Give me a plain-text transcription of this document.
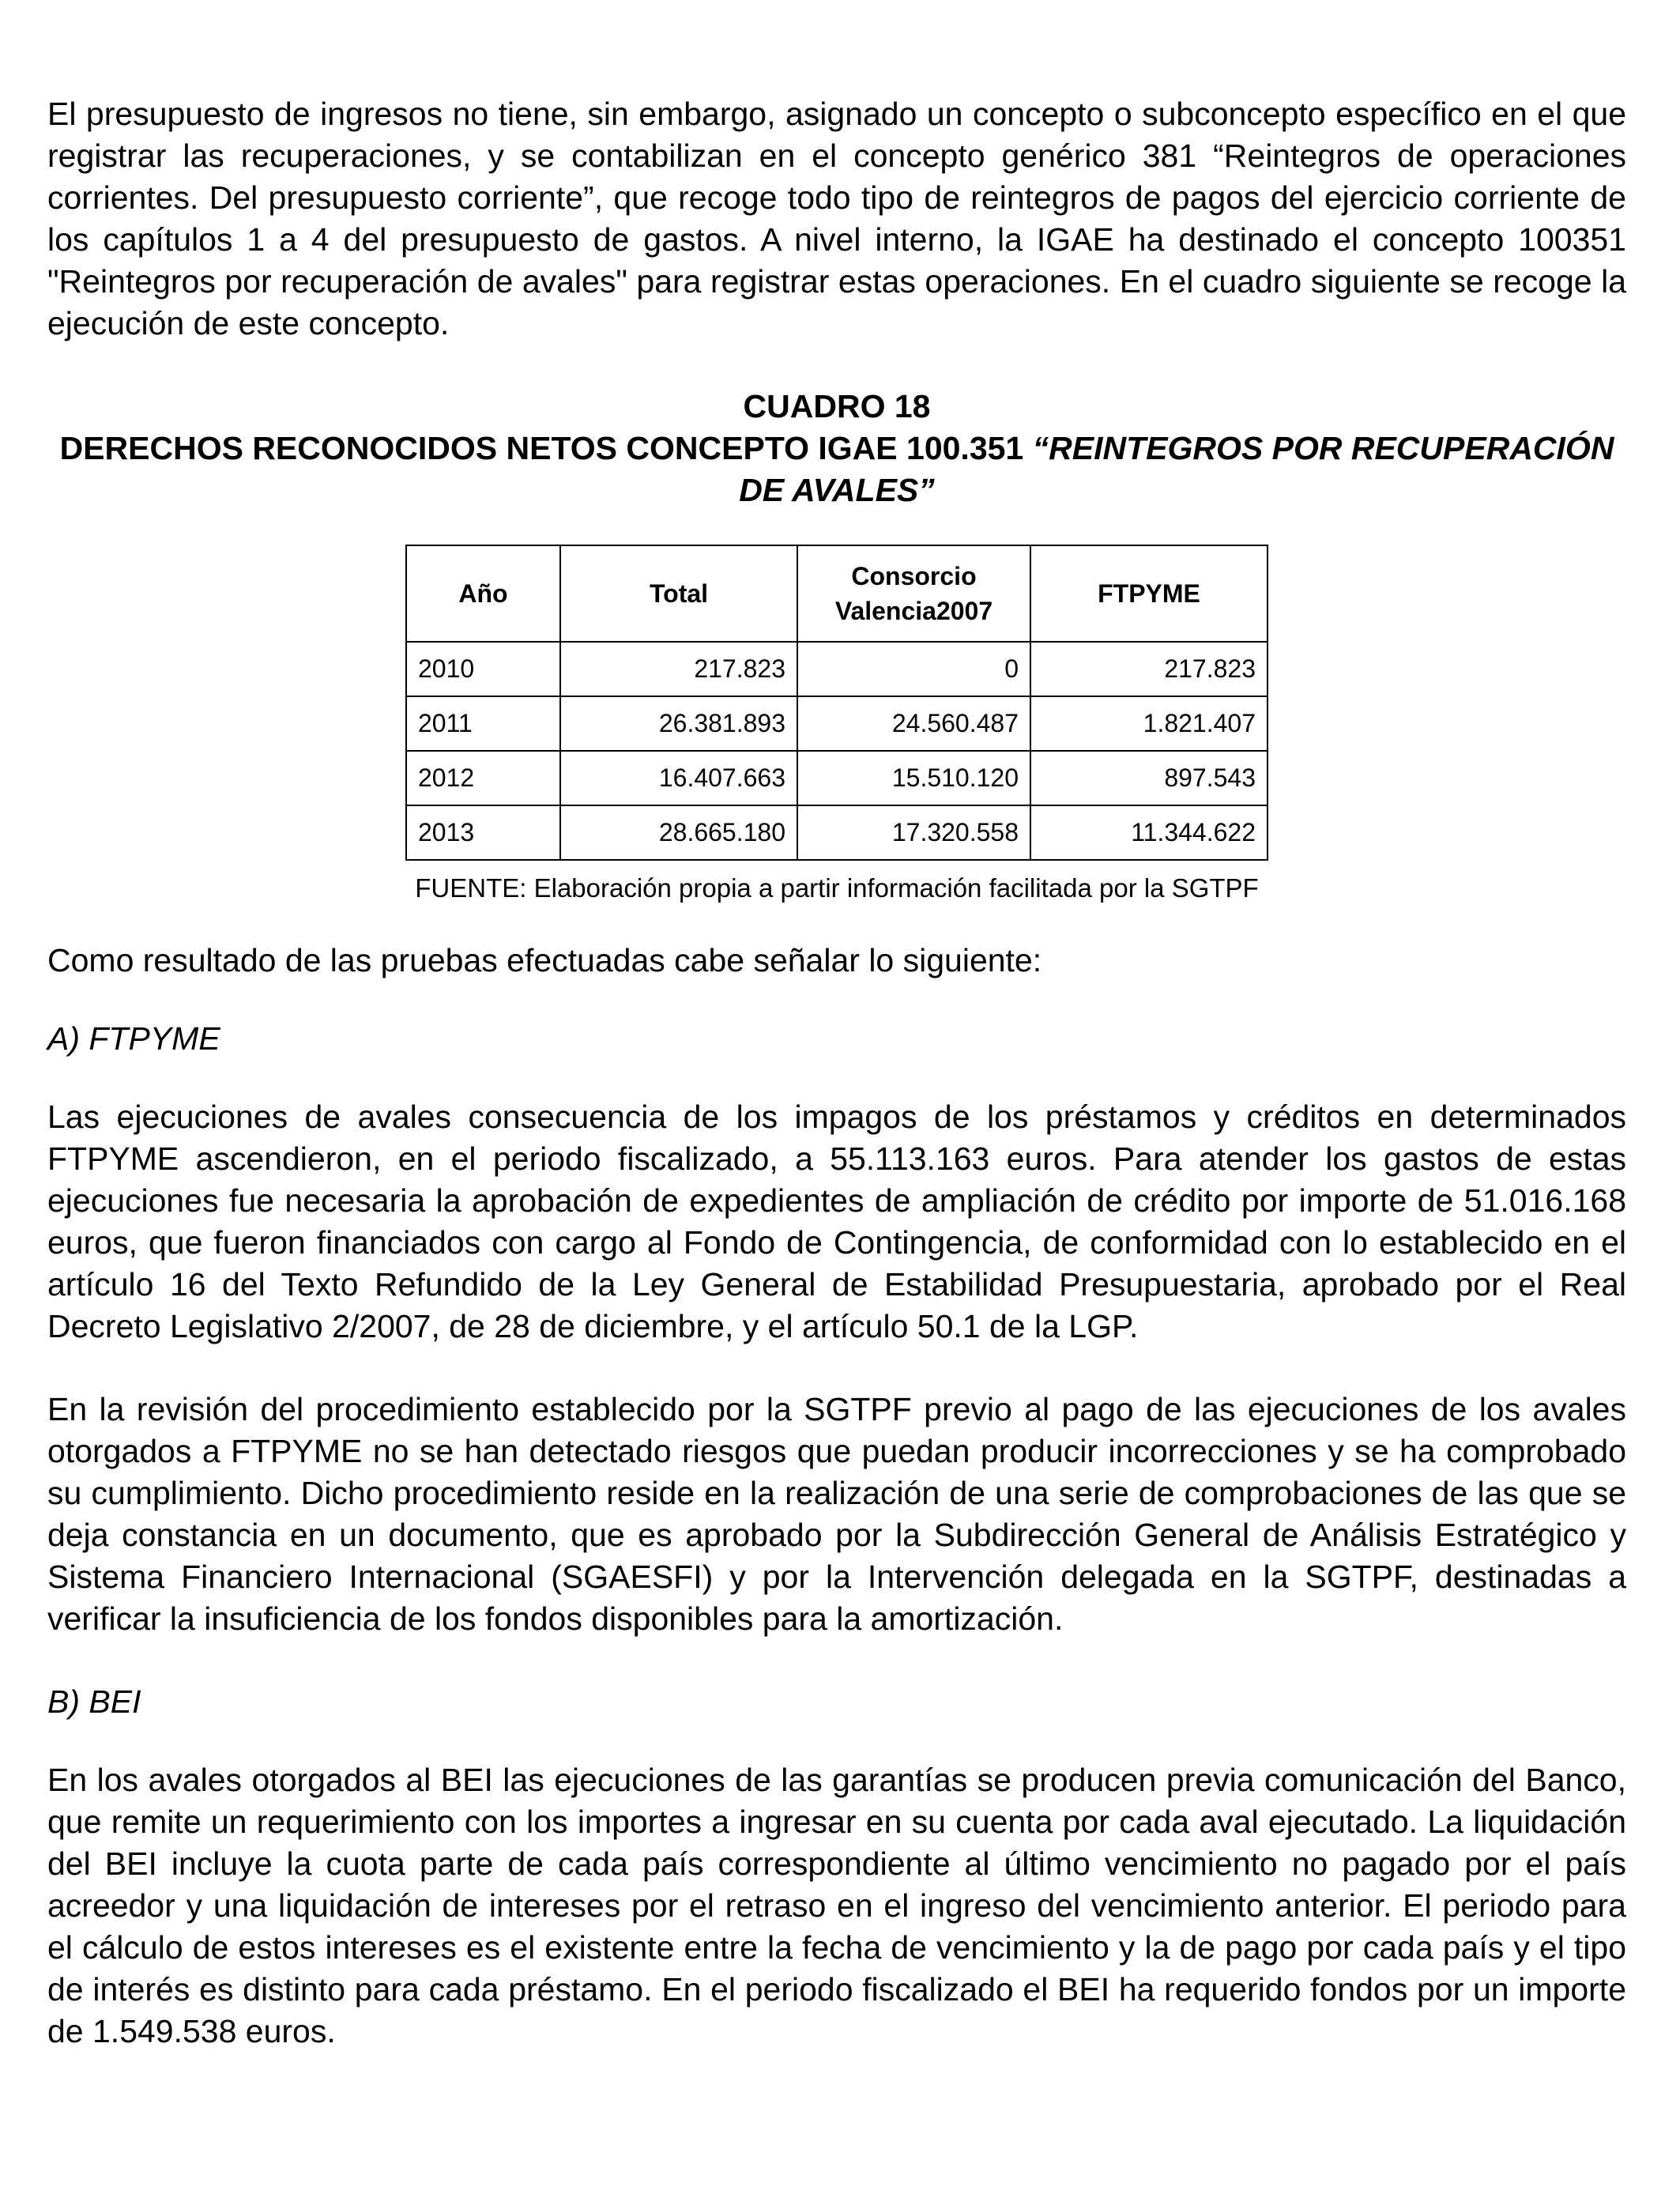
El presupuesto de ingresos no tiene, sin embargo, asignado un concepto o subconcepto específico en el que registrar las recuperaciones, y se contabilizan en el concepto genérico 381 “Reintegros de operaciones corrientes. Del presupuesto corriente”, que recoge todo tipo de reintegros de pagos del ejercicio corriente de los capítulos 1 a 4 del presupuesto de gastos. A nivel interno, la IGAE ha destinado el concepto 100351 "Reintegros por recuperación de avales" para registrar estas operaciones. En el cuadro siguiente se recoge la ejecución de este concepto.

CUADRO 18

DERECHOS RECONOCIDOS NETOS CONCEPTO IGAE 100.351 “REINTEGROS POR RECUPERACIÓN DE AVALES”

Año	Total	Consorcio Valencia2007	FTPYME
2010	217.823	0	217.823
2011	26.381.893	24.560.487	1.821.407
2012	16.407.663	15.510.120	897.543
2013	28.665.180	17.320.558	11.344.622

FUENTE: Elaboración propia a partir información facilitada por la SGTPF

Como resultado de las pruebas efectuadas cabe señalar lo siguiente:

A) FTPYME

Las ejecuciones de avales consecuencia de los impagos de los préstamos y créditos en determinados FTPYME ascendieron, en el periodo fiscalizado, a 55.113.163 euros. Para atender los gastos de estas ejecuciones fue necesaria la aprobación de expedientes de ampliación de crédito por importe de 51.016.168 euros, que fueron financiados con cargo al Fondo de Contingencia, de conformidad con lo establecido en el artículo 16 del Texto Refundido de la Ley General de Estabilidad Presupuestaria, aprobado por el Real Decreto Legislativo 2/2007, de 28 de diciembre, y el artículo 50.1 de la LGP.

En la revisión del procedimiento establecido por la SGTPF previo al pago de las ejecuciones de los avales otorgados a FTPYME no se han detectado riesgos que puedan producir incorrecciones y se ha comprobado su cumplimiento. Dicho procedimiento reside en la realización de una serie de comprobaciones de las que se deja constancia en un documento, que es aprobado por la Subdirección General de Análisis Estratégico y Sistema Financiero Internacional (SGAESFI) y por la Intervención delegada en la SGTPF, destinadas a verificar la insuficiencia de los fondos disponibles para la amortización.

B) BEI

En los avales otorgados al BEI las ejecuciones de las garantías se producen previa comunicación del Banco, que remite un requerimiento con los importes a ingresar en su cuenta por cada aval ejecutado. La liquidación del BEI incluye la cuota parte de cada país correspondiente al último vencimiento no pagado por el país acreedor y una liquidación de intereses por el retraso en el ingreso del vencimiento anterior. El periodo para el cálculo de estos intereses es el existente entre la fecha de vencimiento y la de pago por cada país y el tipo de interés es distinto para cada préstamo. En el periodo fiscalizado el BEI ha requerido fondos por un importe de 1.549.538 euros.
